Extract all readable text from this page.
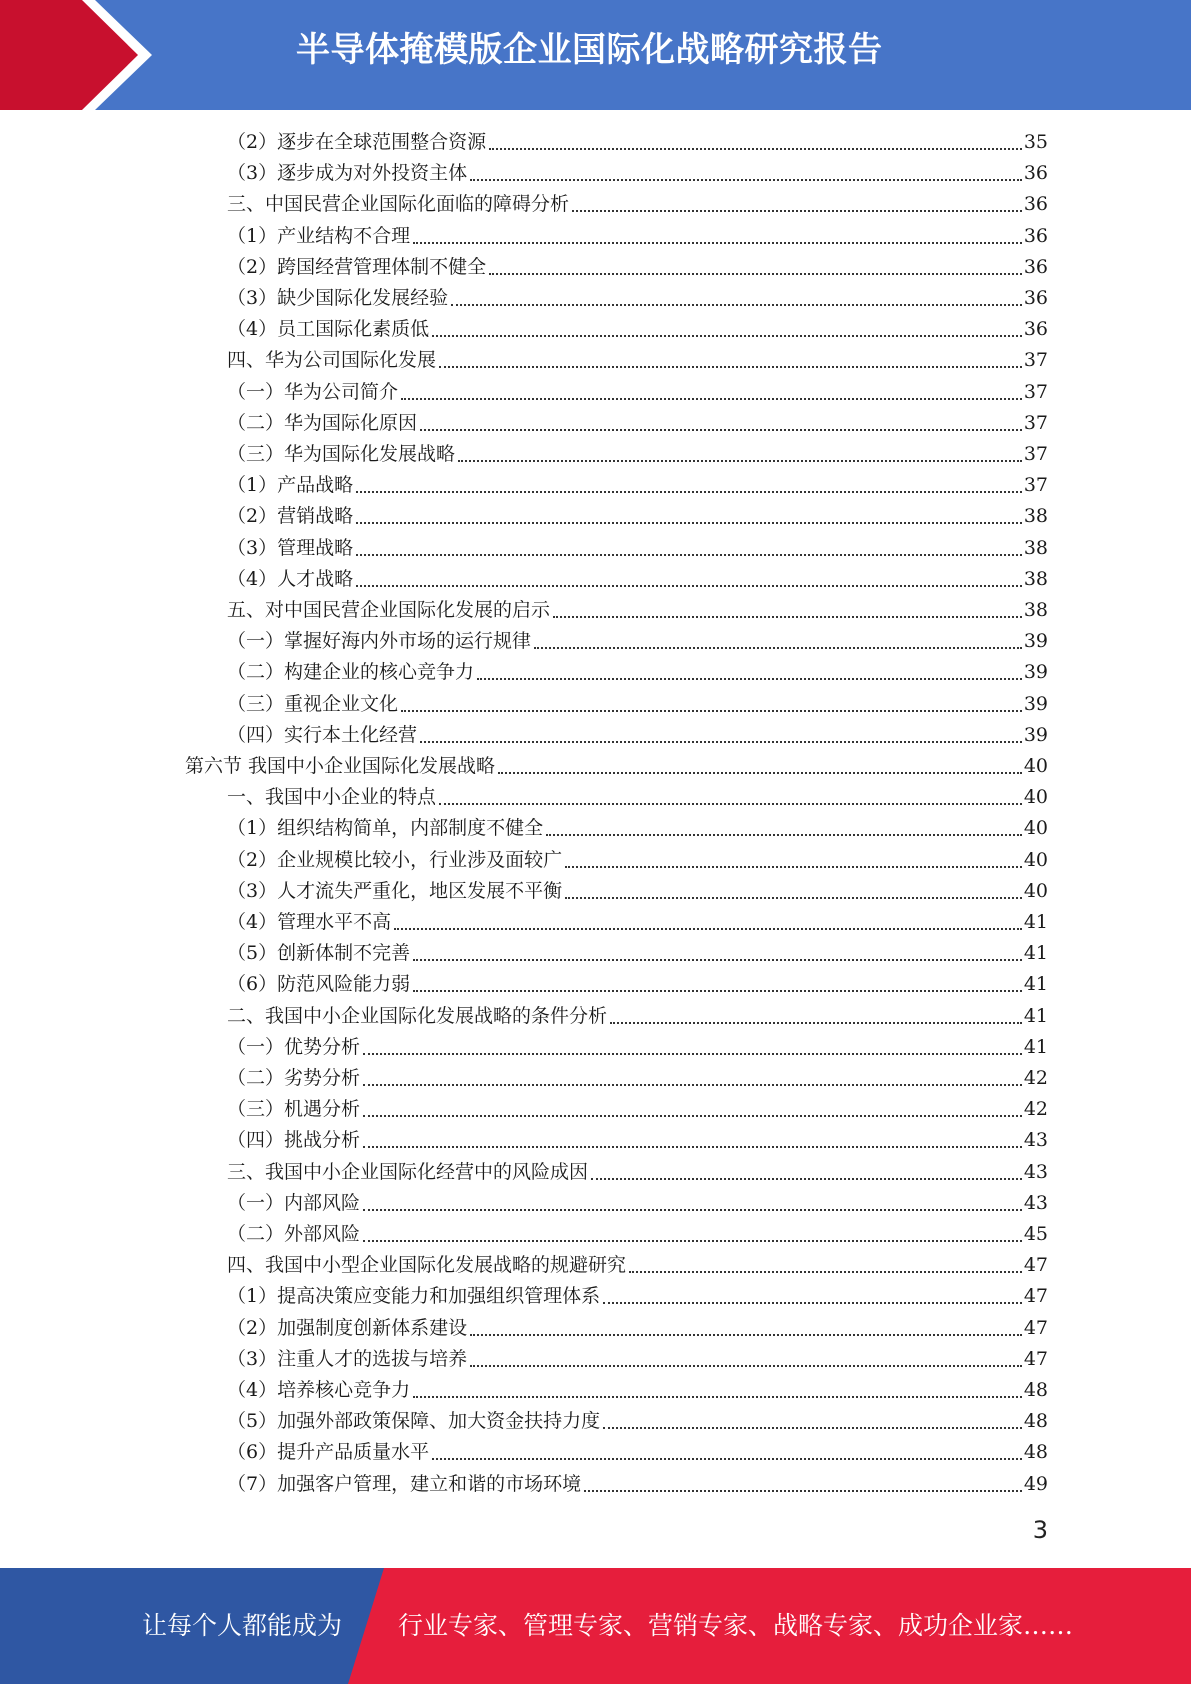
半导体掩模版企业国际化战略研究报告
（2）逐步在全球范围整合资源	35
（3）逐步成为对外投资主体	36
三、中国民营企业国际化面临的障碍分析	36
（1）产业结构不合理	36
（2）跨国经营管理体制不健全	36
（3）缺少国际化发展经验	36
（4）员工国际化素质低	36
四、华为公司国际化发展	37
（一）华为公司简介	37
（二）华为国际化原因	37
（三）华为国际化发展战略	37
（1）产品战略	37
（2）营销战略	38
（3）管理战略	38
（4）人才战略	38
五、对中国民营企业国际化发展的启示	38
（一）掌握好海内外市场的运行规律	39
（二）构建企业的核心竞争力	39
（三）重视企业文化	39
（四）实行本土化经营	39
第六节 我国中小企业国际化发展战略	40
一、我国中小企业的特点	40
（1）组织结构简单，内部制度不健全	40
（2）企业规模比较小，行业涉及面较广	40
（3）人才流失严重化，地区发展不平衡	40
（4）管理水平不高	41
（5）创新体制不完善	41
（6）防范风险能力弱	41
二、我国中小企业国际化发展战略的条件分析	41
（一）优势分析	41
（二）劣势分析	42
（三）机遇分析	42
（四）挑战分析	43
三、我国中小企业国际化经营中的风险成因	43
（一）内部风险	43
（二）外部风险	45
四、我国中小型企业国际化发展战略的规避研究	47
（1）提高决策应变能力和加强组织管理体系	47
（2）加强制度创新体系建设	47
（3）注重人才的选拔与培养	47
（4）培养核心竞争力	48
（5）加强外部政策保障、加大资金扶持力度	48
（6）提升产品质量水平	48
（7）加强客户管理，建立和谐的市场环境	49
3
让每个人都能成为 行业专家、管理专家、营销专家、战略专家、成功企业家……
